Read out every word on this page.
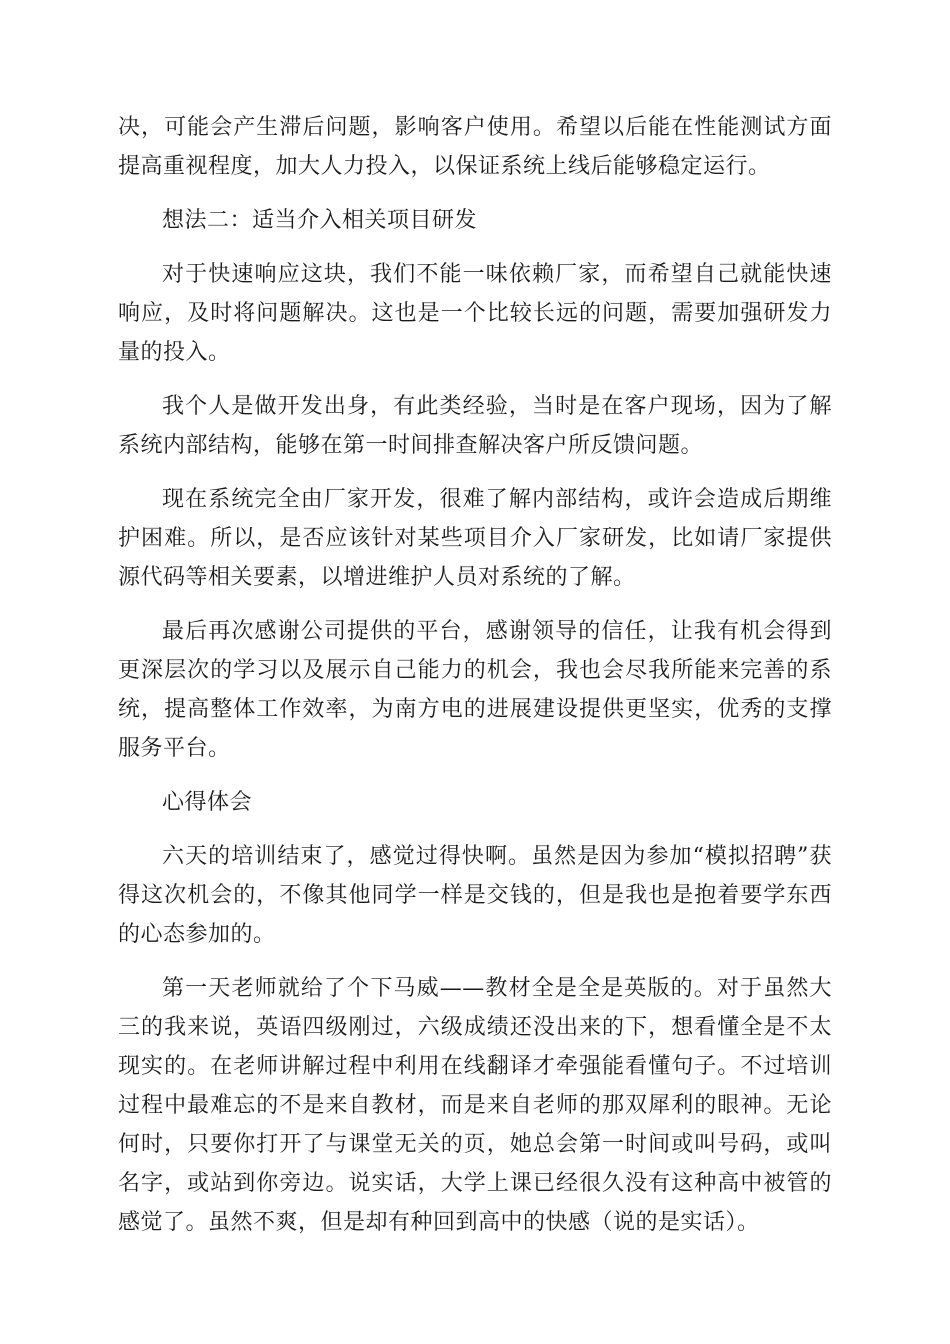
决，可能会产生滞后问题，影响客户使用。希望以后能在性能测试方面提高重视程度，加大人力投入，以保证系统上线后能够稳定运行。

想法二：适当介入相关项目研发

对于快速响应这块，我们不能一味依赖厂家，而希望自己就能快速响应，及时将问题解决。这也是一个比较长远的问题，需要加强研发力量的投入。

我个人是做开发出身，有此类经验，当时是在客户现场，因为了解系统内部结构，能够在第一时间排查解决客户所反馈问题。

现在系统完全由厂家开发，很难了解内部结构，或许会造成后期维护困难。所以，是否应该针对某些项目介入厂家研发，比如请厂家提供源代码等相关要素，以增进维护人员对系统的了解。

最后再次感谢公司提供的平台，感谢领导的信任，让我有机会得到更深层次的学习以及展示自己能力的机会，我也会尽我所能来完善的系统，提高整体工作效率，为南方电的进展建设提供更坚实，优秀的支撑服务平台。

心得体会

六天的培训结束了，感觉过得快啊。虽然是因为参加“模拟招聘”获得这次机会的，不像其他同学一样是交钱的，但是我也是抱着要学东西的心态参加的。

第一天老师就给了个下马威——教材全是全是英版的。对于虽然大三的我来说，英语四级刚过，六级成绩还没出来的下，想看懂全是不太现实的。在老师讲解过程中利用在线翻译才牵强能看懂句子。不过培训过程中最难忘的不是来自教材，而是来自老师的那双犀利的眼神。无论何时，只要你打开了与课堂无关的页，她总会第一时间或叫号码，或叫名字，或站到你旁边。说实话，大学上课已经很久没有这种高中被管的感觉了。虽然不爽，但是却有种回到高中的快感（说的是实话）。
